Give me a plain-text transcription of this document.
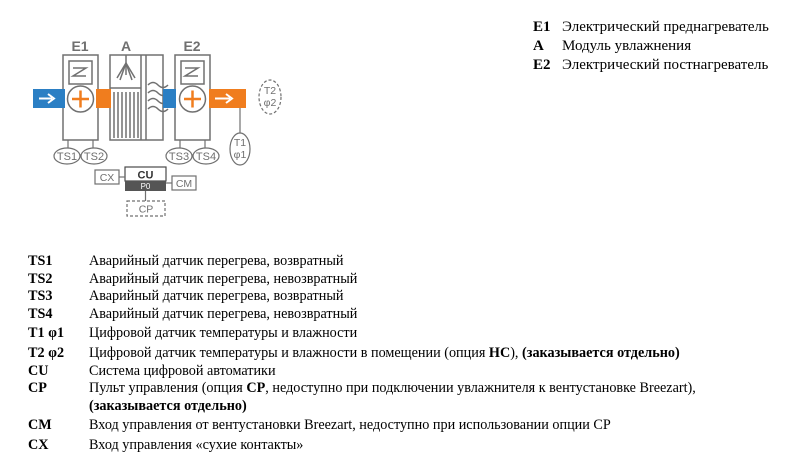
E1 A	E2
TS1 TS2	TS3 TS4
T1
φ1
T2
φ2
CU
P0
CX	CM
CP
E1 Электрический преднагреватель
A	Модуль увлажнения
E2 Электрический постнагреватель
TS1	Аварийный датчик перегрева, возвратный
TS2	Аварийный датчик перегрева, невозвратный
TS3	Аварийный датчик перегрева, возвратный
TS4	Аварийный датчик перегрева, невозвратный
T1 φ1	Цифровой датчик температуры и влажности
T2 φ2	Цифровой датчик температуры и влажности в помещении (опция HC), (заказывается отдельно)
CU	Система цифровой автоматики
CP	Пульт управления (опция CP, недоступно при подключении увлажнителя к вентустановке Breezart),
(заказывается отдельно)
CM	Вход управления от вентустановки Breezart, недоступно при использовании опции CP
CX	Вход управления «сухие контакты»
